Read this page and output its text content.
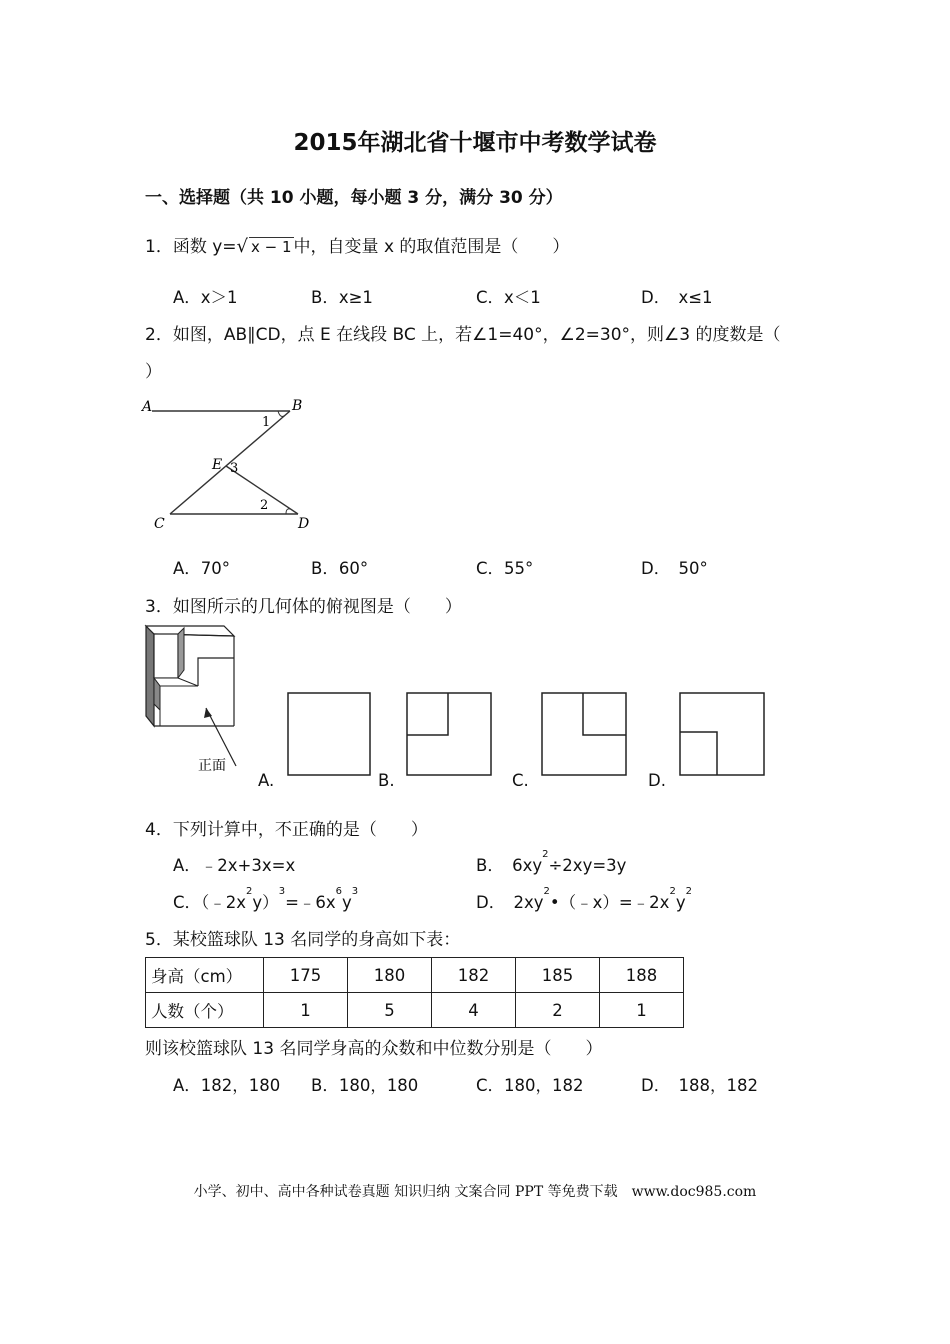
2015年湖北省十堰市中考数学试卷
一、选择题（共 10 小题，每小题 3 分，满分 30 分）
1．函数 y=√ x − 1 中，自变量 x 的取值范围是（　　）
A．x＞1	B．x≥1	C．x＜1	D．　x≤1
2．如图，AB∥CD，点 E 在线段 BC 上，若∠1=40°，∠2=30°，则∠3 的度数是（
）
A	B
1
E 3
2
C	D
A．70°	B．60°	C．55°	D．　50°
3．如图所示的几何体的俯视图是（　　）
正面
A.	B.	C.	D.
4．下列计算中，不正确的是（　　）
A．﹣2x+3x=x	B．　$6xy^2\div 2xy=3y$
C．$(﹣2x^2y)^3=﹣6x^6y^3$
D．　$2xy^2•(﹣x)=﹣2x^2y^2$
5．某校篮球队 13 名同学的身高如下表：
身高（cm）	175	180	182	185	188
人数（个）	1	5	4	2	1
则该校篮球队 13 名同学身高的众数和中位数分别是（　　）
A．182，180 B．180，180	C．180，182	D．　188，182
小学、初中、高中各种试卷真题 知识归纳 文案合同 PPT 等免费下载　www.doc985.com
